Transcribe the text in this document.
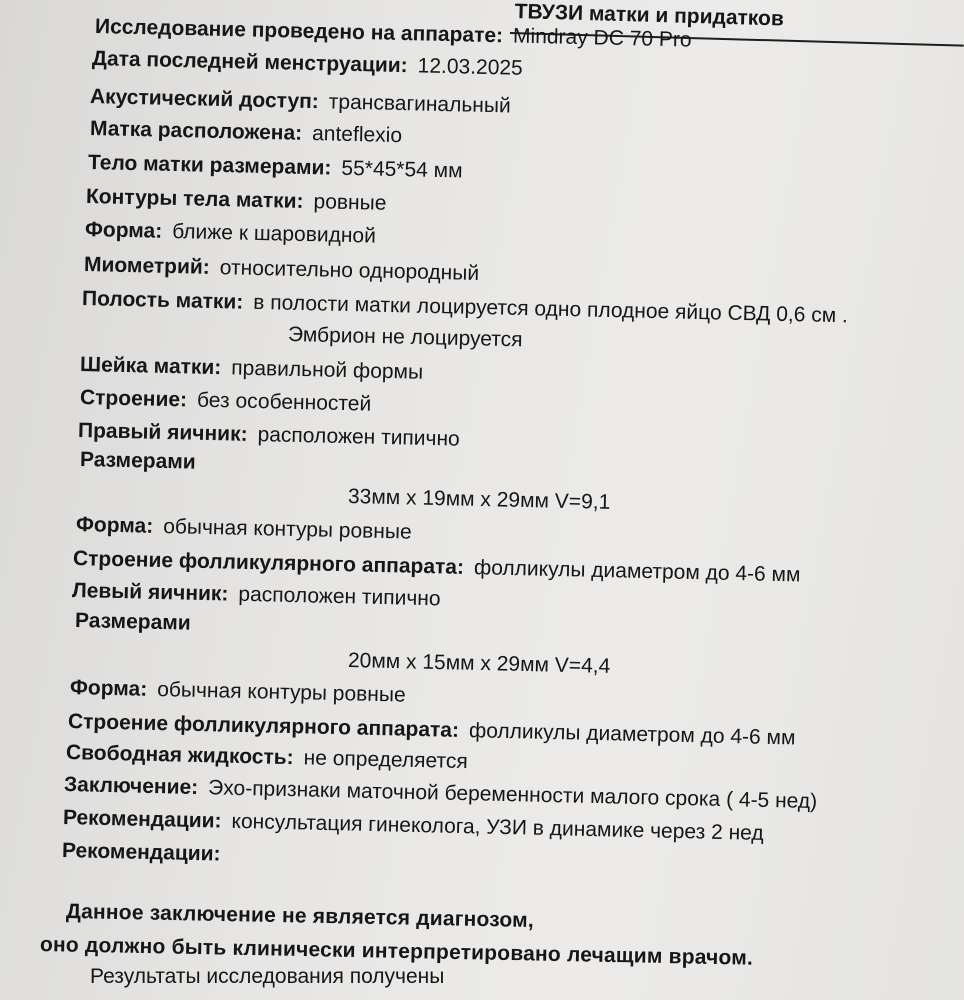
ТВУЗИ матки и придатков
Исследование проведено на аппарате: Mindray DC 70 Pro
Дата последней менструации: 12.03.2025
Акустический доступ: трансвагинальный
Матка расположена: anteflexio
Тело матки размерами: 55*45*54 мм
Контуры тела матки: ровные
Форма: ближе к шаровидной
Миометрий: относительно однородный
Полость матки: в полости матки лоцируется одно плодное яйцо СВД 0,6 см .
Эмбрион не лоцируется
Шейка матки: правильной формы
Строение: без особенностей
Правый яичник: расположен типично
Размерами
33мм х 19мм х 29мм V=9,1
Форма: обычная контуры ровные
Строение фолликулярного аппарата: фолликулы диаметром до 4-6 мм
Левый яичник: расположен типично
Размерами
20мм х 15мм х 29мм V=4,4
Форма: обычная контуры ровные
Строение фолликулярного аппарата: фолликулы диаметром до 4-6 мм
Свободная жидкость: не определяется
Заключение: Эхо-признаки маточной беременности малого срока ( 4-5 нед)
Рекомендации: консультация гинеколога, УЗИ в динамике через 2 нед
Рекомендации:
Данное заключение не является диагнозом,
оно должно быть клинически интерпретировано лечащим врачом.
Результаты исследования получены
